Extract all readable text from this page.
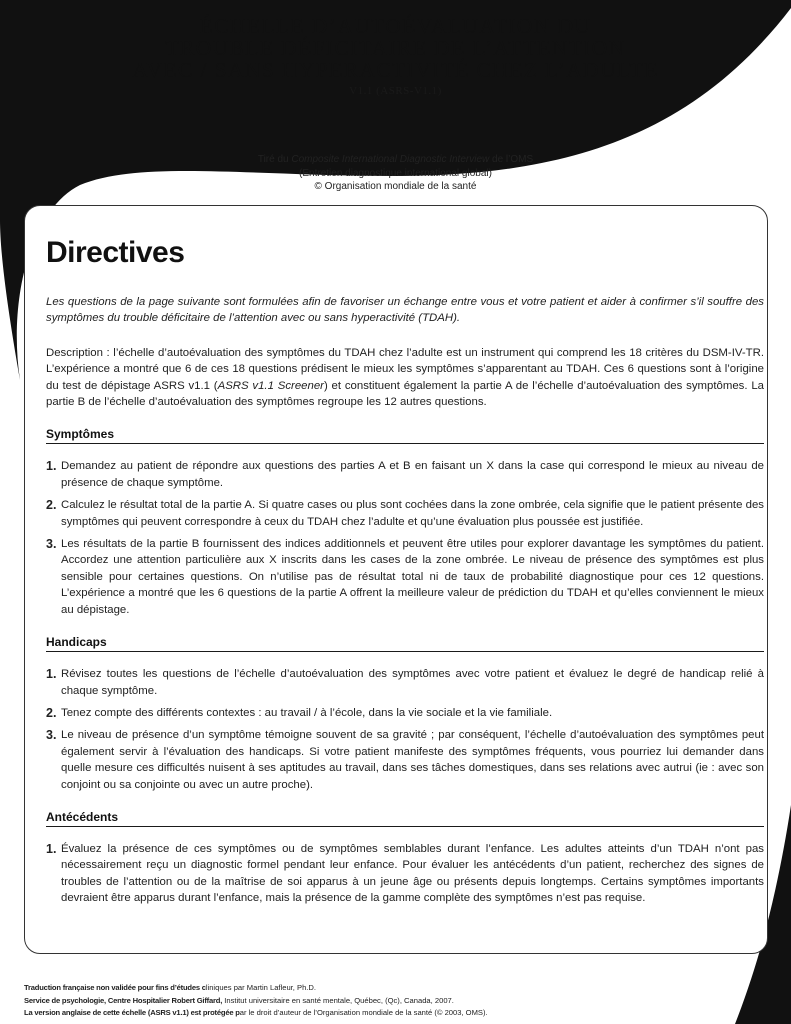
ÉCHELLE D’AUTOÉVALUATION DU
TROUBLE DÉFICITAIRE DE L’ATTENTION
AVEC / SANS HYPERACTIVITÉ CHEZ L’ADULTE
V1.1 (ASRS-V1.1)
Tiré du Composite International Diagnostic Interview de l’OMS
(Entretien diagnostique international global)
© Organisation mondiale de la santé
Directives

Les questions de la page suivante sont formulées afin de favoriser un échange entre vous et votre patient et aider à confirmer s’il souffre des symptômes du trouble déficitaire de l’attention avec ou sans hyperactivité (TDAH).

Description : l’échelle d’autoévaluation des symptômes du TDAH chez l’adulte est un instrument qui comprend les 18 critères du DSM-IV-TR. L’expérience a montré que 6 de ces 18 questions prédisent le mieux les symptômes s’apparentant au TDAH. Ces 6 questions sont à l’origine du test de dépistage ASRS v1.1 (ASRS v1.1 Screener) et constituent également la partie A de l’échelle d’autoévaluation des symptômes. La partie B de l’échelle d’autoévaluation des symptômes regroupe les 12 autres questions.

Symptômes
1. Demandez au patient de répondre aux questions des parties A et B en faisant un X dans la case qui correspond le mieux au niveau de présence de chaque symptôme.
2. Calculez le résultat total de la partie A. Si quatre cases ou plus sont cochées dans la zone ombrée, cela signifie que le patient présente des symptômes qui peuvent correspondre à ceux du TDAH chez l’adulte et qu’une évaluation plus poussée est justifiée.
3. Les résultats de la partie B fournissent des indices additionnels et peuvent être utiles pour explorer davantage les symptômes du patient. Accordez une attention particulière aux X inscrits dans les cases de la zone ombrée. Le niveau de présence des symptômes est plus sensible pour certaines questions. On n’utilise pas de résultat total ni de taux de probabilité diagnostique pour ces 12 questions. L’expérience a montré que les 6 questions de la partie A offrent la meilleure valeur de prédiction du TDAH et qu’elles conviennent le mieux au dépistage.
Handicaps
1. Révisez toutes les questions de l’échelle d’autoévaluation des symptômes avec votre patient et évaluez le degré de handicap relié à chaque symptôme.
2. Tenez compte des différents contextes : au travail / à l’école, dans la vie sociale et la vie familiale.
3. Le niveau de présence d’un symptôme témoigne souvent de sa gravité ; par conséquent, l’échelle d’autoévaluation des symptômes peut également servir à l’évaluation des handicaps. Si votre patient manifeste des symptômes fréquents, vous pourriez lui demander dans quelle mesure ces difficultés nuisent à ses aptitudes au travail, dans ses tâches domestiques, dans ses relations avec autrui (ie : avec son conjoint ou sa conjointe ou avec un autre proche).
Antécédents
1. Évaluez la présence de ces symptômes ou de symptômes semblables durant l’enfance. Les adultes atteints d’un TDAH n’ont pas nécessairement reçu un diagnostic formel pendant leur enfance. Pour évaluer les antécédents d’un patient, recherchez des signes de troubles de l’attention ou de la maîtrise de soi apparus à un jeune âge ou présents depuis longtemps. Certains symptômes importants devraient être apparus durant l’enfance, mais la présence de la gamme complète des symptômes n’est pas requise.
Traduction française non validée pour fins d’études cliniques par Martin Lafleur, Ph.D.
Service de psychologie, Centre Hospitalier Robert Giffard, Institut universitaire en santé mentale, Québec, (Qc), Canada, 2007.
La version anglaise de cette échelle (ASRS v1.1) est protégée par le droit d’auteur de l’Organisation mondiale de la santé (© 2003, OMS).
